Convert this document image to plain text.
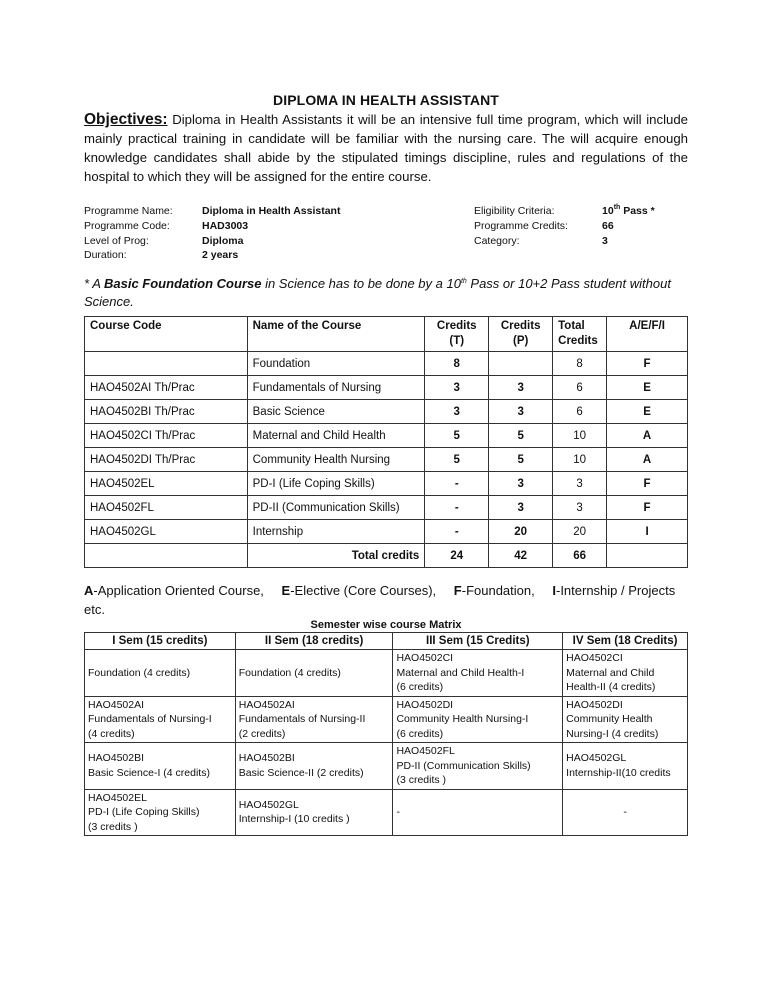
DIPLOMA IN HEALTH ASSISTANT

Objectives: Diploma in Health Assistants it will be an intensive full time program, which will include mainly practical training in candidate will be familiar with the nursing care. The will acquire enough knowledge candidates shall abide by the stipulated timings discipline, rules and regulations of the hospital to which they will be assigned for the entire course.

Programme Name:	Diploma in Health Assistant	Eligibility Criteria:	10th Pass *
Programme Code:	HAD3003	Programme Credits:	66
Level of Prog:	Diploma	Category:	3
Duration:	2 years
* A Basic Foundation Course in Science has to be done by a 10th Pass or 10+2 Pass student without Science.
Course Code	Name of the Course	Credits (T)	Credits (P)	Total Credits	A/E/F/I
	Foundation	8		8	F
HAO4502AI Th/Prac	Fundamentals of Nursing	3	3	6	E
HAO4502BI Th/Prac	Basic Science	3	3	6	E
HAO4502CI Th/Prac	Maternal and Child Health	5	5	10	A
HAO4502DI Th/Prac	Community Health Nursing	5	5	10	A
HAO4502EL	PD-I (Life Coping Skills)	-	3	3	F
HAO4502FL	PD-II (Communication Skills)	-	3	3	F
HAO4502GL	Internship	-	20	20	I
	Total credits	24	42	66	
A-Application Oriented Course, E-Elective (Core Courses), F-Foundation, I-Internship / Projects etc.
Semester wise course Matrix
I Sem (15 credits)	II Sem (18 credits)	III Sem (15 Credits)	IV Sem (18 Credits)

Foundation (4 credits)	Foundation (4 credits)	HAO4502CI
Maternal and Child Health-I
(6 credits)	HAO4502CI
Maternal and Child
Health-II (4 credits)

HAO4502AI
Fundamentals of Nursing-I
(4 credits)	HAO4502AI
Fundamentals of Nursing-II
(2 credits)	HAO4502DI
Community Health Nursing-I
(6 credits)	HAO4502DI
Community Health
Nursing-I (4 credits)

HAO4502BI
Basic Science-I (4 credits)	HAO4502BI
Basic Science-II (2 credits)	HAO4502FL
PD-II (Communication Skills)
(3 credits )	HAO4502GL
Internship-II(10 credits

HAO4502EL
PD-I (Life Coping Skills)
(3 credits )	HAO4502GL
Internship-I (10 credits )	-	-
